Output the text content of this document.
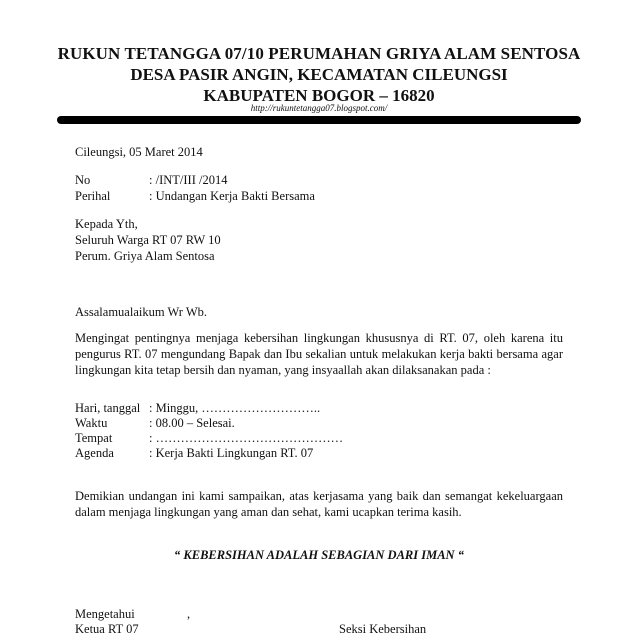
RUKUN TETANGGA 07/10 PERUMAHAN GRIYA ALAM SENTOSA
DESA PASIR ANGIN, KECAMATAN CILEUNGSI
KABUPATEN BOGOR – 16820
http://rukuntetangga07.blogspot.com/
Cileungsi, 05 Maret 2014
No	: /INT/III /2014
Perihal	: Undangan Kerja Bakti Bersama
Kepada Yth,
Seluruh Warga RT 07 RW 10
Perum. Griya Alam Sentosa
Assalamualaikum Wr Wb.
Mengingat pentingnya menjaga kebersihan lingkungan khususnya di RT. 07, oleh karena itu pengurus RT. 07 mengundang Bapak dan Ibu sekalian untuk melakukan kerja bakti bersama agar lingkungan kita tetap bersih dan nyaman, yang insyaallah akan dilaksanakan pada :
Hari, tanggal : Minggu, ………………………..
Waktu	: 08.00 – Selesai.
Tempat	: ………………………………………
Agenda	: Kerja Bakti Lingkungan RT. 07
Demikian undangan ini kami sampaikan, atas kerjasama yang baik dan semangat kekeluargaan dalam menjaga lingkungan yang aman dan sehat, kami ucapkan terima kasih.
“ KEBERSIHAN ADALAH SEBAGIAN DARI IMAN “
Mengetahui	,
Ketua RT 07	Seksi Kebersihan
